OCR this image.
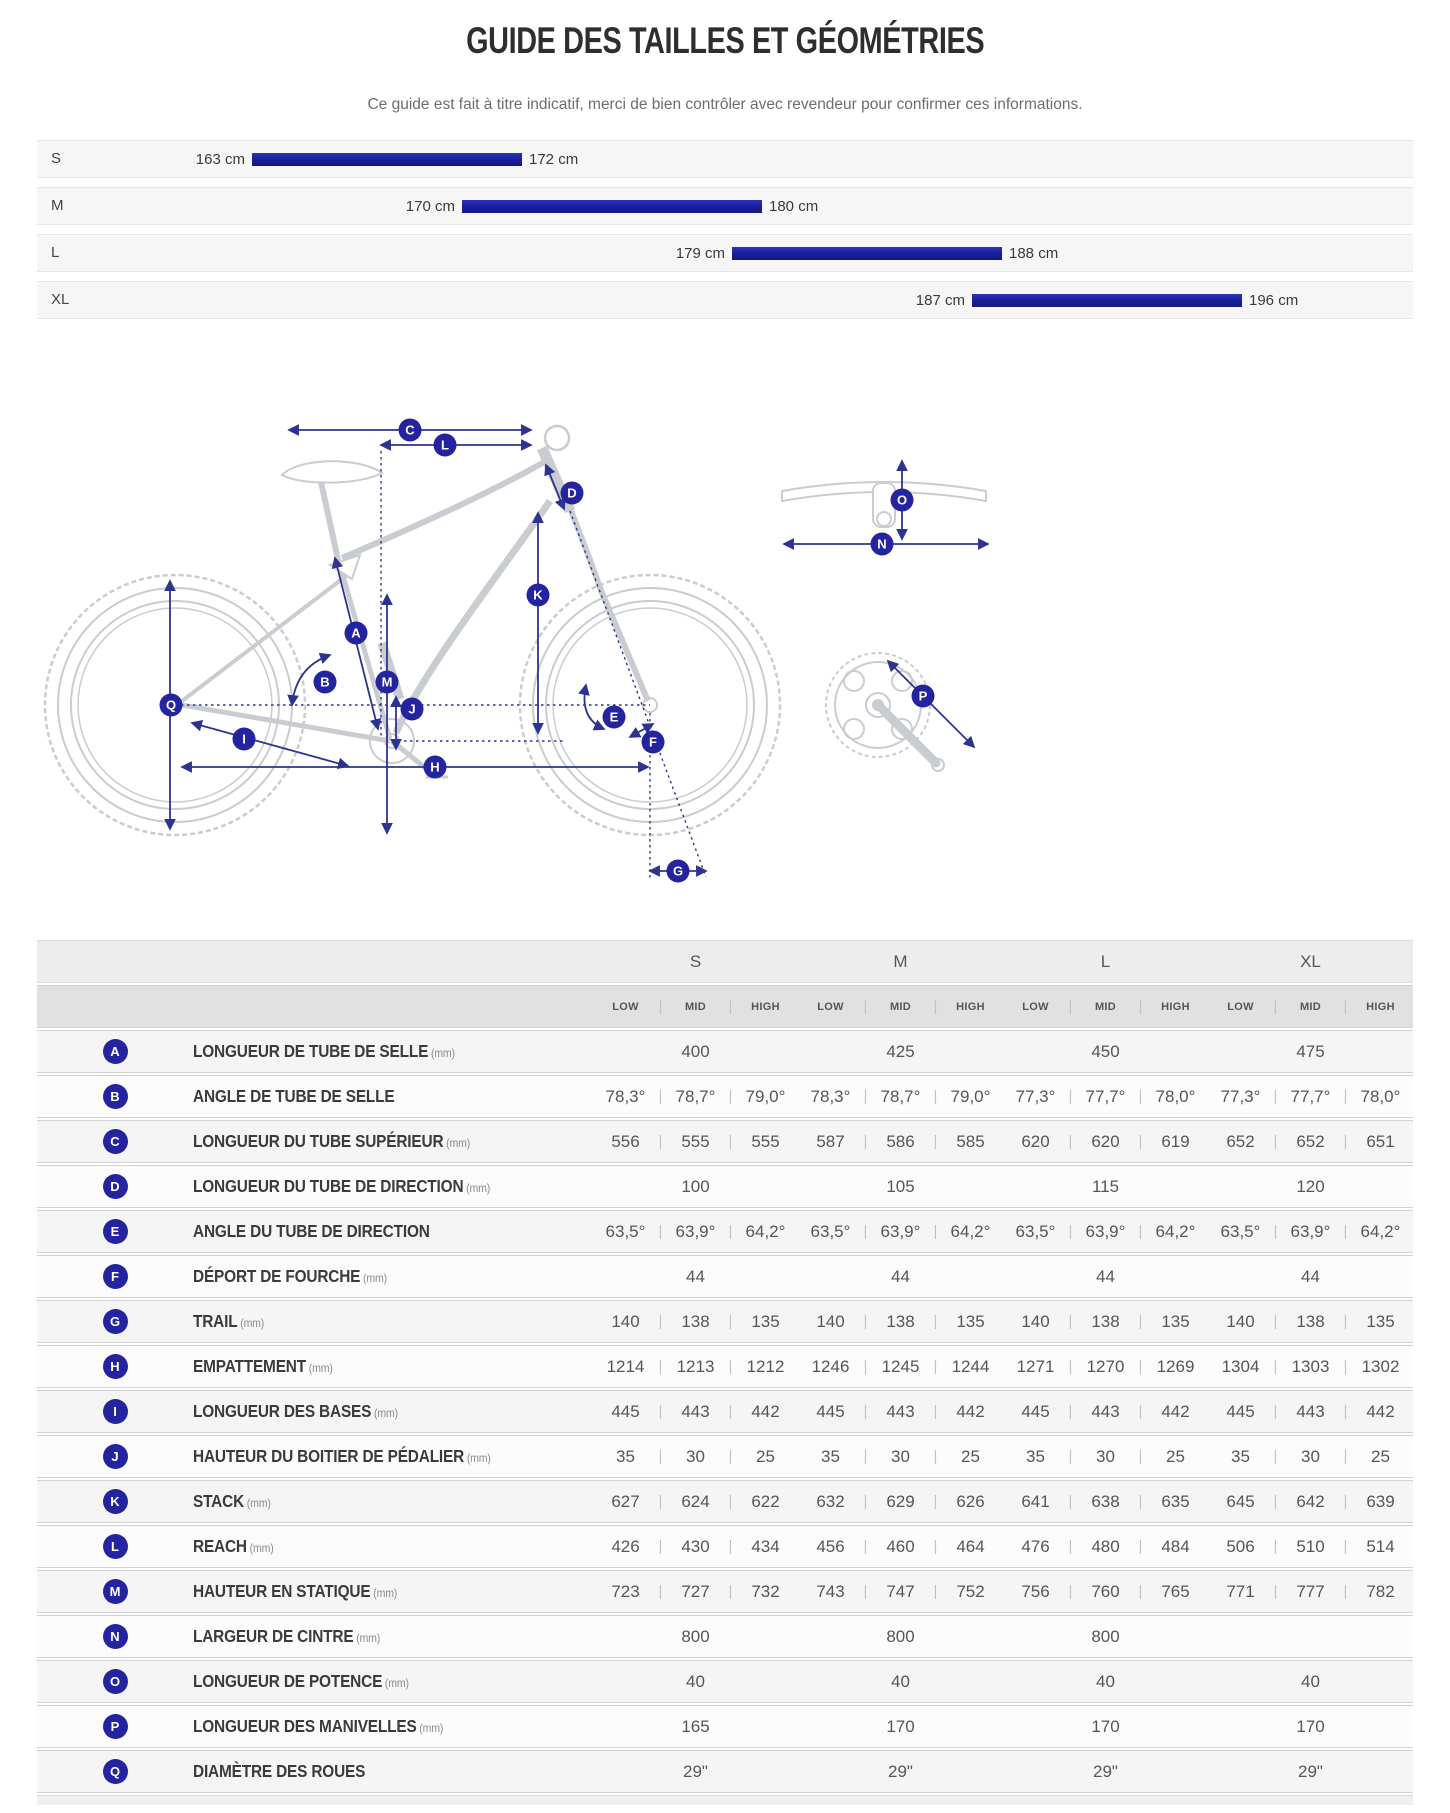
GUIDE DES TAILLES ET GÉOMÉTRIES

Ce guide est fait à titre indicatif, merci de bien contrôler avec revendeur pour confirmer ces informations.

S	163 cm	172 cm
M	170 cm	180 cm
L	179 cm	188 cm
XL	187 cm	196 cm
C
L
D
K
A
B	M
J
Q
E
F
I
H
G
O
N
P
S	M	L	XL
LOW	|	MID	|	HIGH	LOW	|	MID	|	HIGH	LOW	|	MID	|	HIGH	LOW	|	MID	|	HIGH
A	LONGUEUR DE TUBE DE SELLE (mm)	400	425	450	475
B	ANGLE DE TUBE DE SELLE	78,3° | 78,7° | 79,0°	78,3° | 78,7° | 79,0°	77,3° | 77,7° | 78,0°	77,3° | 77,7° | 78,0°
C	LONGUEUR DU TUBE SUPÉRIEUR (mm)	556	|	555	|	555	587	|	586	|	585	620	|	620	|	619	652	|	652	|	651
D	LONGUEUR DU TUBE DE DIRECTION (mm)	100	105	115	120
E	ANGLE DU TUBE DE DIRECTION	63,5° | 63,9° | 64,2°	63,5° | 63,9° | 64,2°	63,5° | 63,9° | 64,2°	63,5° | 63,9° | 64,2°
F	DÉPORT DE FOURCHE (mm)	44	44	44	44
G	TRAIL (mm)	140	|	138	|	135	140	|	138	|	135	140	|	138	|	135	140	|	138	|	135
H	EMPATTEMENT (mm)	1214 | 1213 | 1212	1246 | 1245 | 1244	1271 | 1270 | 1269	1304 | 1303 | 1302
I	LONGUEUR DES BASES (mm)	445	|	443	|	442	445	|	443	|	442	445	|	443	|	442	445	|	443	|	442
J	HAUTEUR DU BOITIER DE PÉDALIER (mm)	35	|	30	|	25	35	|	30	|	25	35	|	30	|	25	35	|	30	|	25
K	STACK (mm)	627	|	624	|	622	632	|	629	|	626	641	|	638	|	635	645	|	642	|	639
L	REACH (mm)	426	|	430	|	434	456	|	460	|	464	476	|	480	|	484	506	|	510	|	514
M	HAUTEUR EN STATIQUE (mm)	723	|	727	|	732	743	|	747	|	752	756	|	760	|	765	771	|	777	|	782
N	LARGEUR DE CINTRE (mm)	800	800	800
O	LONGUEUR DE POTENCE (mm)	40	40	40	40
P	LONGUEUR DES MANIVELLES (mm)	165	170	170	170
Q	DIAMÈTRE DES ROUES	29"	29"	29"	29"
